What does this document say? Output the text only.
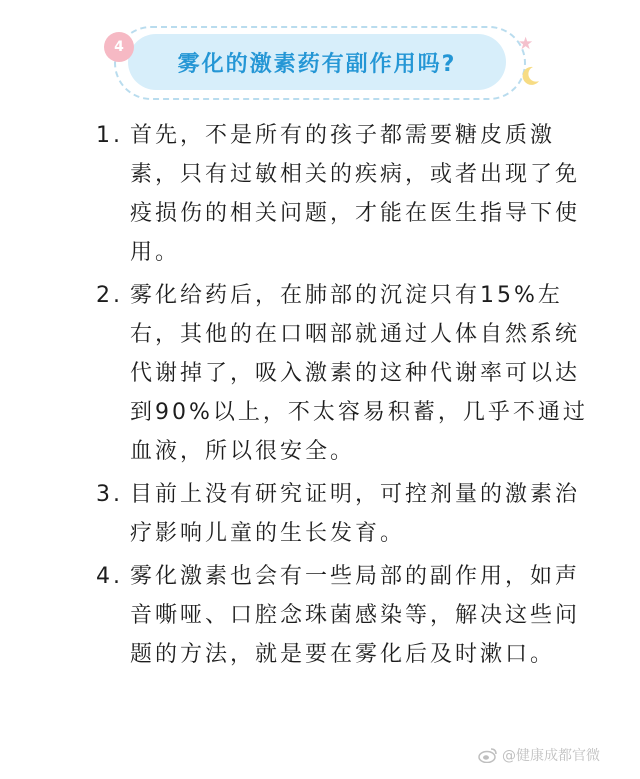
雾化的激素药有副作用吗?
4	★
1. 首先，不是所有的孩子都需要糖皮质激素，只有过敏相关的疾病，或者出现了免疫损伤的相关问题，才能在医生指导下使用。
2. 雾化给药后，在肺部的沉淀只有15%左右，其他的在口咽部就通过人体自然系统代谢掉了，吸入激素的这种代谢率可以达到90%以上，不太容易积蓄，几乎不通过血液，所以很安全。
3. 目前上没有研究证明，可控剂量的激素治疗影响儿童的生长发育。
4. 雾化激素也会有一些局部的副作用，如声音嘶哑、口腔念珠菌感染等，解决这些问题的方法，就是要在雾化后及时漱口。
@健康成都官微
